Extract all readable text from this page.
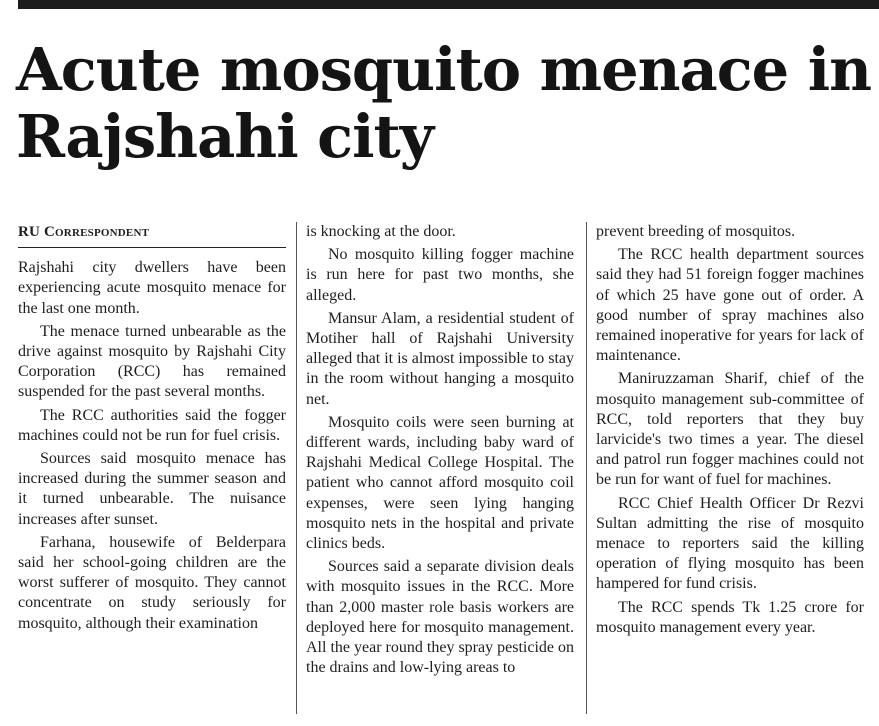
Acute mosquito menace in Rajshahi city
RU Correspondent

Rajshahi city dwellers have been experiencing acute mosquito menace for the last one month.

The menace turned unbearable as the drive against mosquito by Rajshahi City Corporation (RCC) has remained suspended for the past several months.

The RCC authorities said the fogger machines could not be run for fuel crisis.

Sources said mosquito menace has increased during the summer season and it turned unbearable. The nuisance increases after sunset.

Farhana, housewife of Belderpara said her school-going children are the worst sufferer of mosquito. They cannot concentrate on study seriously for mosquito, although their examination

is knocking at the door.

No mosquito killing fogger machine is run here for past two months, she alleged.

Mansur Alam, a residential student of Motiher hall of Rajshahi University alleged that it is almost impossible to stay in the room without hanging a mosquito net.

Mosquito coils were seen burning at different wards, including baby ward of Rajshahi Medical College Hospital. The patient who cannot afford mosquito coil expenses, were seen lying hanging mosquito nets in the hospital and private clinics beds.

Sources said a separate division deals with mosquito issues in the RCC. More than 2,000 master role basis workers are deployed here for mosquito management. All the year round they spray pesticide on the drains and low-lying areas to

prevent breeding of mosquitos.

The RCC health department sources said they had 51 foreign fogger machines of which 25 have gone out of order. A good number of spray machines also remained inoperative for years for lack of maintenance.

Maniruzzaman Sharif, chief of the mosquito management sub-committee of RCC, told reporters that they buy larvicide's two times a year. The diesel and patrol run fogger machines could not be run for want of fuel for machines.

RCC Chief Health Officer Dr Rezvi Sultan admitting the rise of mosquito menace to reporters said the killing operation of flying mosquito has been hampered for fund crisis.

The RCC spends Tk 1.25 crore for mosquito management every year.
